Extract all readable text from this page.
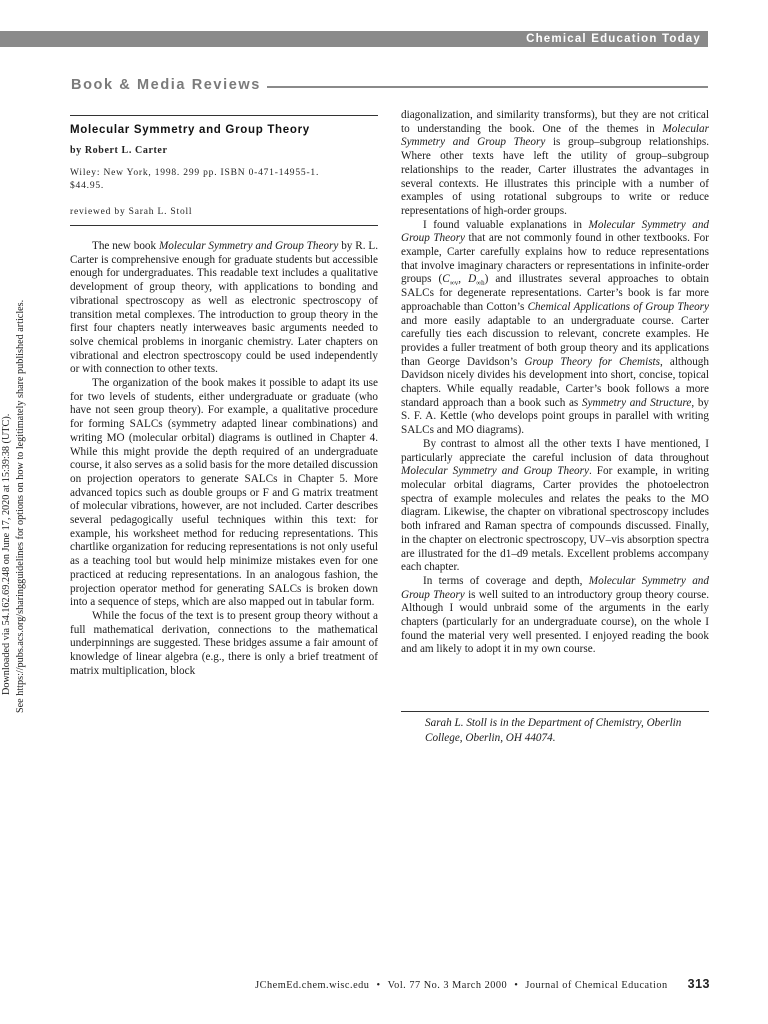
Chemical Education Today
Book & Media Reviews
Downloaded via 54.162.69.248 on June 17, 2020 at 15:39:38 (UTC). See https://pubs.acs.org/sharingguidelines for options on how to legitimately share published articles.
Molecular Symmetry and Group Theory
by Robert L. Carter
Wiley: New York, 1998. 299 pp. ISBN 0-471-14955-1. $44.95.
reviewed by Sarah L. Stoll

The new book Molecular Symmetry and Group Theory by R. L. Carter is comprehensive enough for graduate students but accessible enough for undergraduates. This readable text includes a qualitative development of group theory, with applications to bonding and vibrational spectroscopy as well as electronic spectroscopy of transition metal complexes. The introduction to group theory in the first four chapters neatly interweaves basic arguments needed to solve chemical problems in inorganic chemistry. Later chapters on vibrational and electron spectroscopy could be used independently or with connection to other texts.

The organization of the book makes it possible to adapt its use for two levels of students, either undergraduate or graduate (who have not seen group theory). For example, a qualitative procedure for forming SALCs (symmetry adapted linear combinations) and writing MO (molecular orbital) diagrams is outlined in Chapter 4. While this might provide the depth required of an undergraduate course, it also serves as a solid basis for the more detailed discussion on projection operators to generate SALCs in Chapter 5. More advanced topics such as double groups or F and G matrix treatment of molecular vibrations, however, are not included. Carter describes several pedagogically useful techniques within this text: for example, his worksheet method for reducing representations. This chartlike organization for reducing representations is not only useful as a teaching tool but would help minimize mistakes even for one practiced at reducing representations. In an analogous fashion, the projection operator method for generating SALCs is broken down into a sequence of steps, which are also mapped out in tabular form.

While the focus of the text is to present group theory without a full mathematical derivation, connections to the mathematical underpinnings are suggested. These bridges assume a fair amount of knowledge of linear algebra (e.g., there is only a brief treatment of matrix multiplication, block

diagonalization, and similarity transforms), but they are not critical to understanding the book. One of the themes in Molecular Symmetry and Group Theory is group–subgroup relationships. Where other texts have left the utility of group–subgroup relationships to the reader, Carter illustrates the advantages in several contexts. He illustrates this principle with a number of examples of using rotational subgroups to write or reduce representations of high-order groups.

I found valuable explanations in Molecular Symmetry and Group Theory that are not commonly found in other textbooks. For example, Carter carefully explains how to reduce representations that involve imaginary characters or representations in infinite-order groups ($C_{\infty v}$, $D_{\infty h}$) and illustrates several approaches to obtain SALCs for degenerate representations. Carter’s book is far more approachable than Cotton’s Chemical Applications of Group Theory and more easily adaptable to an undergraduate course. Carter carefully ties each discussion to relevant, concrete examples. He provides a fuller treatment of both group theory and its applications than George Davidson’s Group Theory for Chemists, although Davidson nicely divides his development into short, concise, topical chapters. While equally readable, Carter’s book follows a more standard approach than a book such as Symmetry and Structure, by S. F. A. Kettle (who develops point groups in parallel with writing SALCs and MO diagrams).

By contrast to almost all the other texts I have mentioned, I particularly appreciate the careful inclusion of data throughout Molecular Symmetry and Group Theory. For example, in writing molecular orbital diagrams, Carter provides the photoelectron spectra of example molecules and relates the peaks to the MO diagram. Likewise, the chapter on vibrational spectroscopy includes both infrared and Raman spectra of compounds discussed. Finally, in the chapter on electronic spectroscopy, UV–vis absorption spectra are illustrated for the d1–d9 metals. Excellent problems accompany each chapter.

In terms of coverage and depth, Molecular Symmetry and Group Theory is well suited to an introductory group theory course. Although I would unbraid some of the arguments in the early chapters (particularly for an undergraduate course), on the whole I found the material very well presented. I enjoyed reading the book and am likely to adopt it in my own course.

Sarah L. Stoll is in the Department of Chemistry, Oberlin College, Oberlin, OH 44074.
JChemEd.chem.wisc.edu • Vol. 77 No. 3 March 2000 • Journal of Chemical Education 313
